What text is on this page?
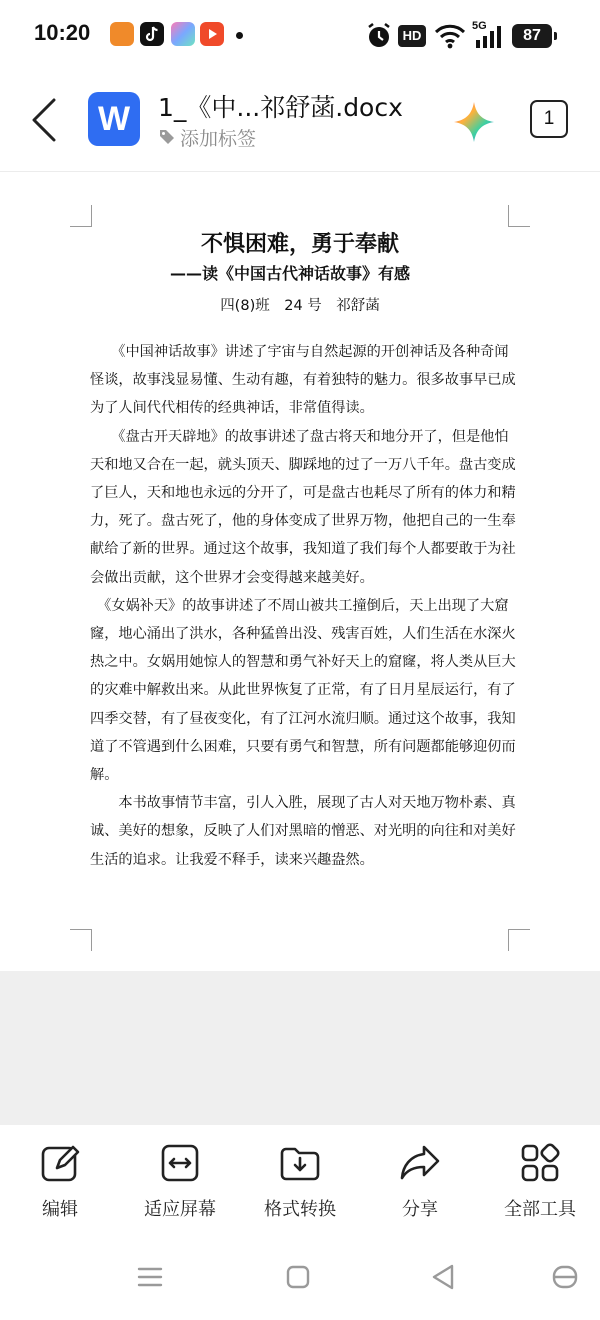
10:20	HD
5G
87
W	1_《中...祁舒菡.docx
添加标签
1
不惧困难，勇于奉献
——读《中国古代神话故事》有感
四(8)班　24 号　祁舒菡

　　《中国神话故事》讲述了宇宙与自然起源的开创神话及各种奇闻怪谈，故事浅显易懂、生动有趣，有着独特的魅力。很多故事早已成为了人间代代相传的经典神话，非常值得读。

　　《盘古开天辟地》的故事讲述了盘古将天和地分开了，但是他怕天和地又合在一起，就头顶天、脚踩地的过了一万八千年。盘古变成了巨人，天和地也永远的分开了，可是盘古也耗尽了所有的体力和精力，死了。盘古死了，他的身体变成了世界万物，他把自己的一生奉献给了新的世界。通过这个故事，我知道了我们每个人都要敢于为社会做出贡献，这个世界才会变得越来越美好。

　《女娲补天》的故事讲述了不周山被共工撞倒后，天上出现了大窟窿，地心涌出了洪水，各种猛兽出没、残害百姓，人们生活在水深火热之中。女娲用她惊人的智慧和勇气补好天上的窟窿，将人类从巨大的灾难中解救出来。从此世界恢复了正常，有了日月星辰运行，有了四季交替，有了昼夜变化，有了江河水流归顺。通过这个故事，我知道了不管遇到什么困难，只要有勇气和智慧，所有问题都能够迎仞而解。

　　本书故事情节丰富，引人入胜，展现了古人对天地万物朴素、真诚、美好的想象，反映了人们对黑暗的憎恶、对光明的向往和对美好生活的追求。让我爱不释手，读来兴趣盎然。

编辑	适应屏幕	格式转换	分享	全部工具
